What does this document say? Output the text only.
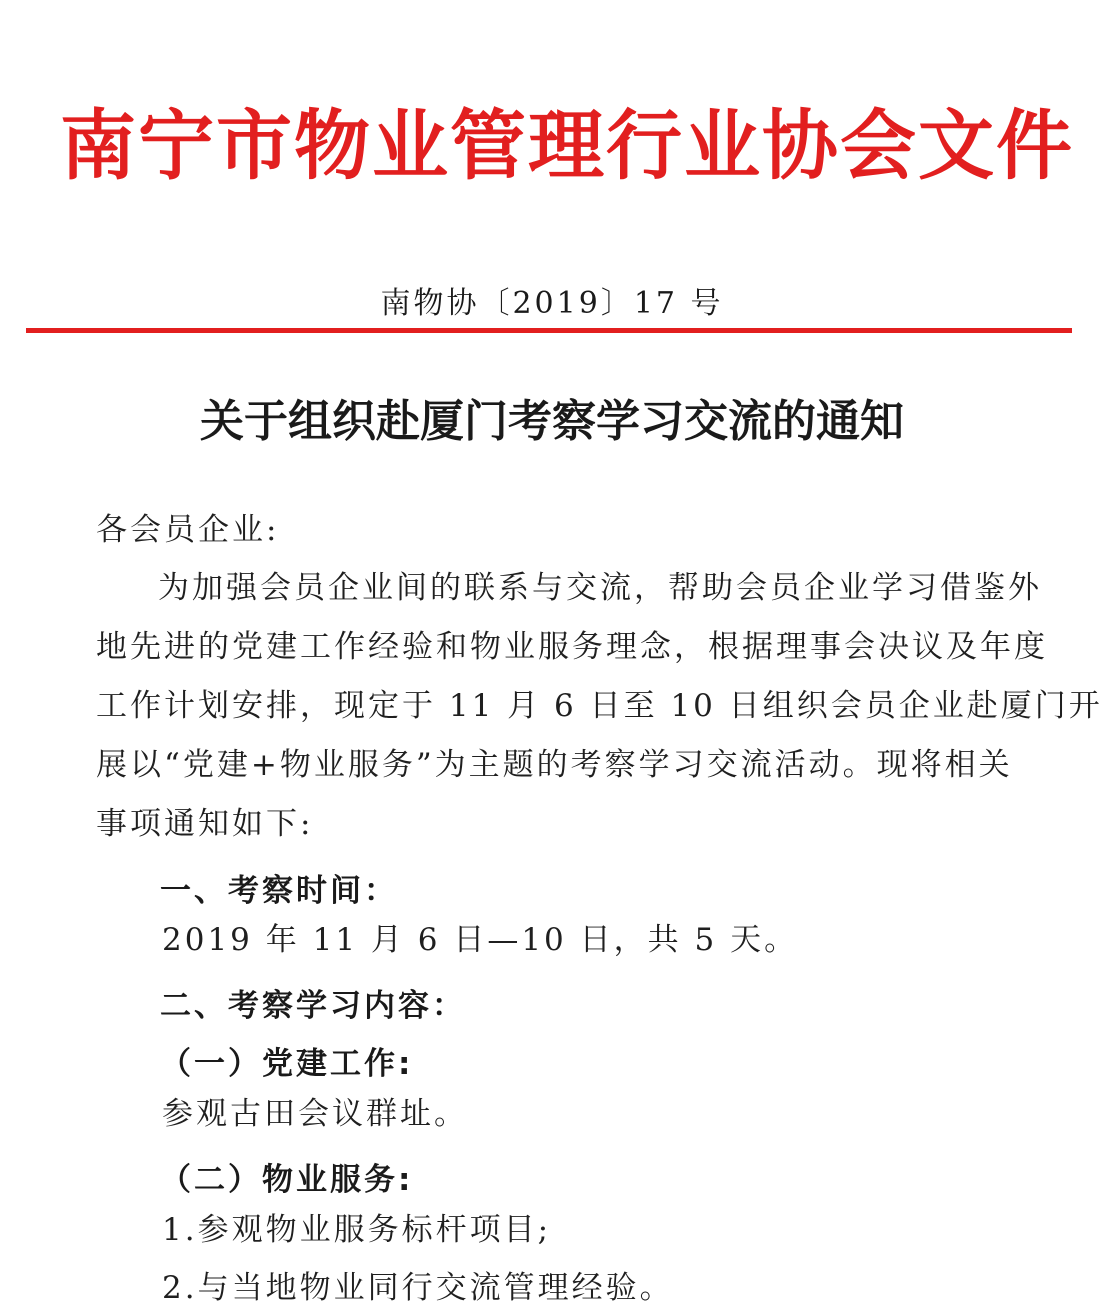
南宁市物业管理行业协会文件
南物协〔2019〕17 号
关于组织赴厦门考察学习交流的通知
各会员企业:
为加强会员企业间的联系与交流，帮助会员企业学习借鉴外
地先进的党建工作经验和物业服务理念，根据理事会决议及年度
工作计划安排，现定于 11 月 6 日至 10 日组织会员企业赴厦门开
展以“党建+物业服务”为主题的考察学习交流活动。现将相关
事项通知如下:
一、考察时间：
2019 年 11 月 6 日—10 日，共 5 天。
二、考察学习内容：
（一）党建工作:
参观古田会议群址。
（二）物业服务:
1.参观物业服务标杆项目;
2.与当地物业同行交流管理经验。
